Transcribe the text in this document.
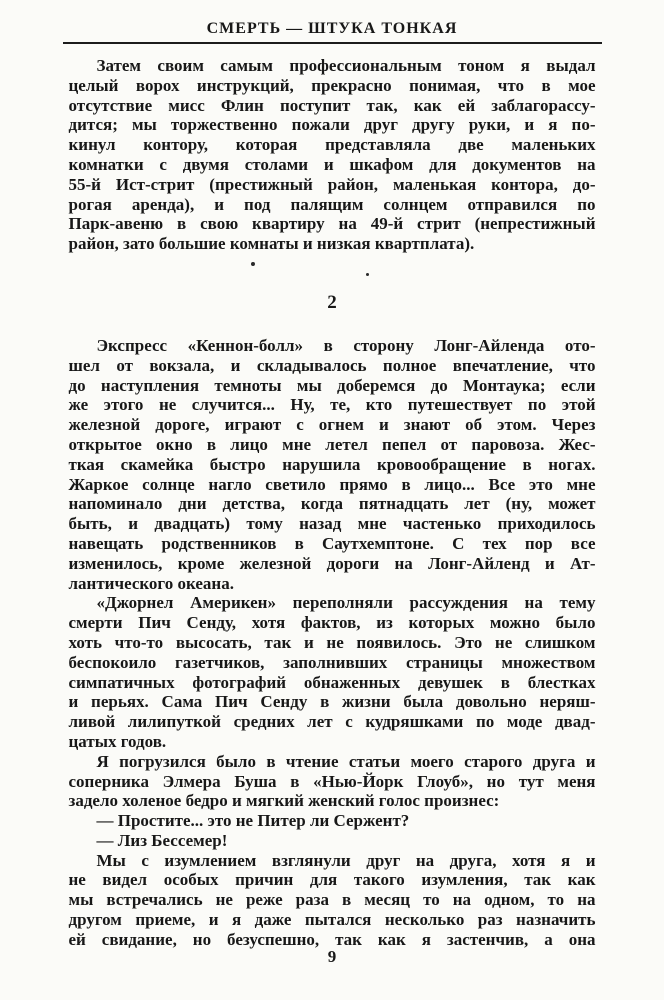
СМЕРТЬ — ШТУКА ТОНКАЯ
Затем своим самым профессиональным тоном я выдал
целый ворох инструкций, прекрасно понимая, что в мое
отсутствие мисс Флин поступит так, как ей заблагорассу-
дится; мы торжественно пожали друг другу руки, и я по-
кинул контору, которая представляла две маленьких
комнатки с двумя столами и шкафом для документов на
55-й Ист-стрит (престижный район, маленькая контора, до-
рогая аренда), и под палящим солнцем отправился по
Парк-авеню в свою квартиру на 49-й стрит (непрестижный
район, зато большие комнаты и низкая квартплата).
2
Экспресс «Кеннон-болл» в сторону Лонг-Айленда ото-
шел от вокзала, и складывалось полное впечатление, что
до наступления темноты мы доберемся до Монтаука; если
же этого не случится... Ну, те, кто путешествует по этой
железной дороге, играют с огнем и знают об этом. Через
открытое окно в лицо мне летел пепел от паровоза. Жес-
ткая скамейка быстро нарушила кровообращение в ногах.
Жаркое солнце нагло светило прямо в лицо... Все это мне
напоминало дни детства, когда пятнадцать лет (ну, может
быть, и двадцать) тому назад мне частенько приходилось
навещать родственников в Саутхемптоне. С тех пор все
изменилось, кроме железной дороги на Лонг-Айленд и Ат-
лантического океана.
«Джорнел Америкен» переполняли рассуждения на тему
смерти Пич Сенду, хотя фактов, из которых можно было
хоть что-то высосать, так и не появилось. Это не слишком
беспокоило газетчиков, заполнивших страницы множеством
симпатичных фотографий обнаженных девушек в блестках
и перьях. Сама Пич Сенду в жизни была довольно неряш-
ливой лилипуткой средних лет с кудряшками по моде двад-
цатых годов.
Я погрузился было в чтение статьи моего старого друга и
соперника Элмера Буша в «Нью-Йорк Глоуб», но тут меня
задело холеное бедро и мягкий женский голос произнес:
— Простите... это не Питер ли Сержент?
— Лиз Бессемер!
Мы с изумлением взглянули друг на друга, хотя я и
не видел особых причин для такого изумления, так как
мы встречались не реже раза в месяц то на одном, то на
другом приеме, и я даже пытался несколько раз назначить
ей свидание, но безуспешно, так как я застенчив, а она
9
